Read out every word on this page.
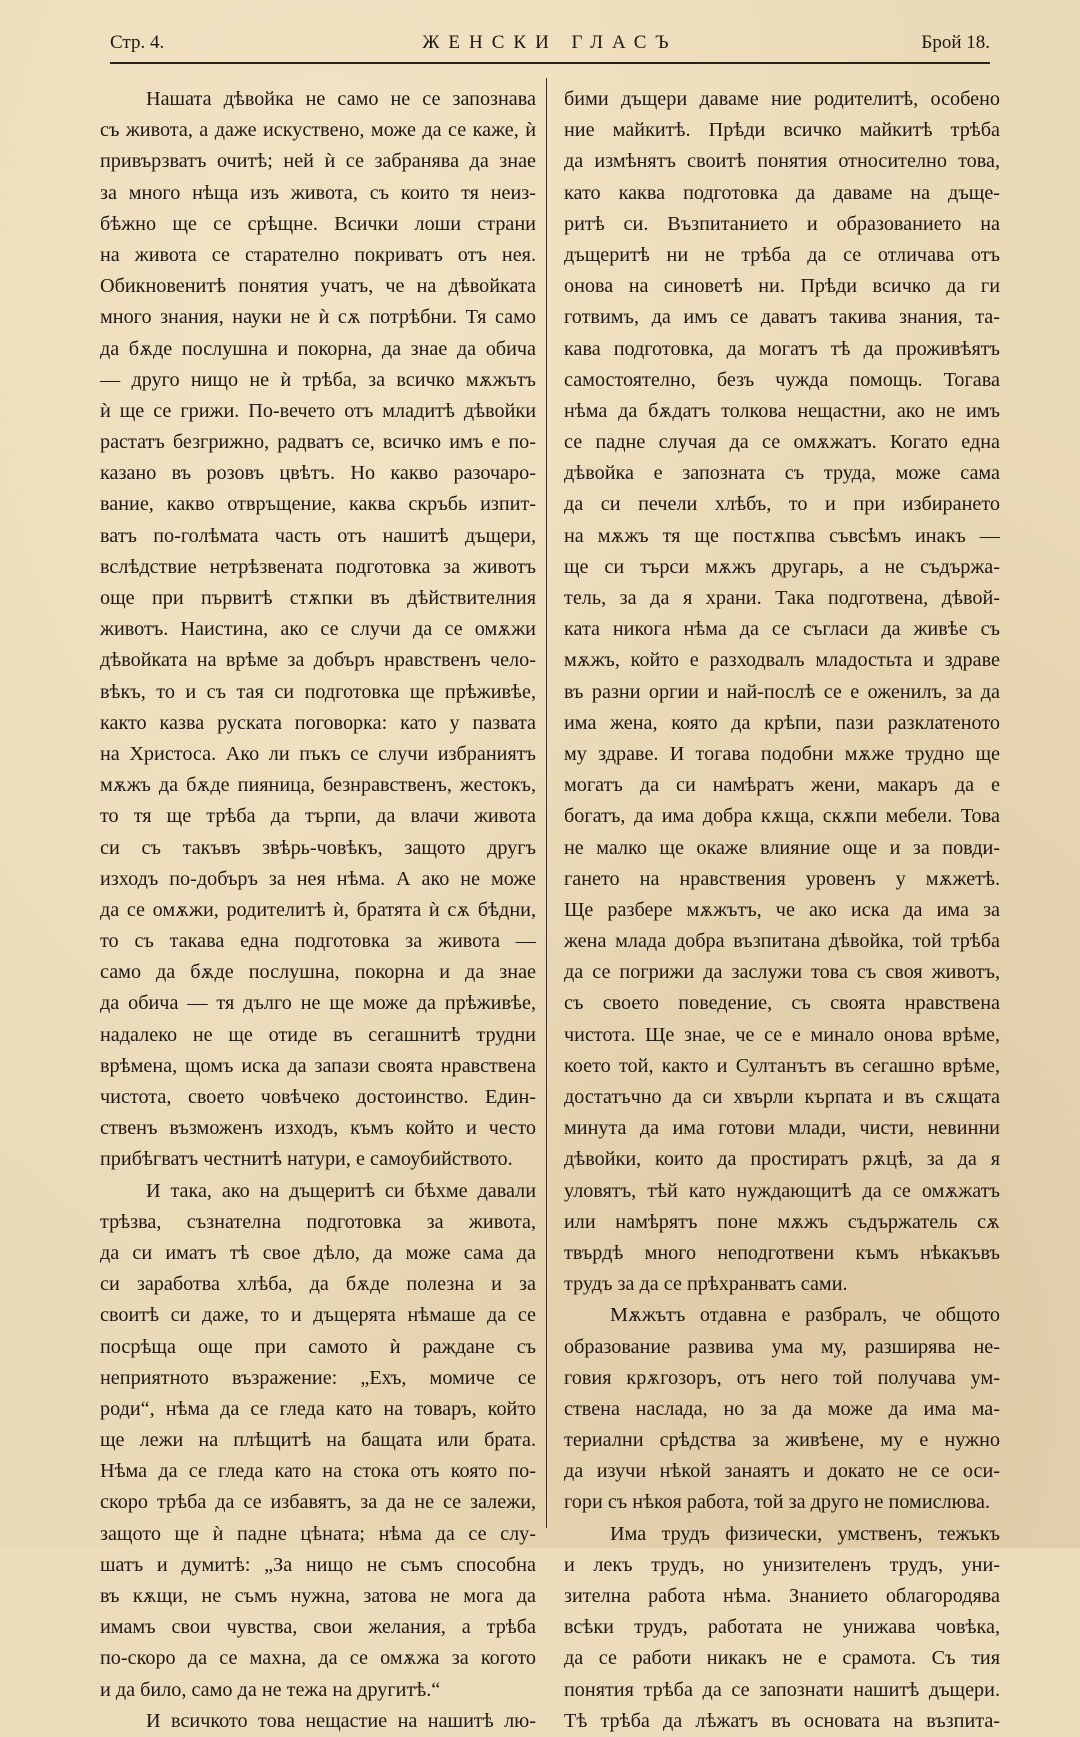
Стр. 4.	ЖЕНСКИ ГЛАСЪ	Брой 18.
Нашата дѣвойка не само не се запознава
съ живота, а даже искуствено, може да се каже, ѝ
привързватъ очитѣ; ней ѝ се забранява да знае
за много нѣща изъ живота, съ които тя неиз-
бѣжно ще се срѣщне. Всички лоши страни
на живота се старателно покриватъ отъ нея.
Обикновенитѣ понятия учатъ, че на дѣвойката
много знания, науки не ѝ сѫ потрѣбни. Тя само
да бѫде послушна и покорна, да знае да обича
— друго нищо не ѝ трѣба, за всичко мѫжътъ
ѝ ще се грижи. По-вечето отъ младитѣ дѣвойки
растатъ безгрижно, радватъ се, всичко имъ е по-
казано въ розовъ цвѣтъ. Но какво разочаро-
вание, какво отвръщение, каква скръбь изпит-
ватъ по-голѣмата часть отъ нашитѣ дъщери,
вслѣдствие нетрѣзвената подготовка за животъ
още при първитѣ стѫпки въ дѣйствителния
животъ. Наистина, ако се случи да се омѫжи
дѣвойката на врѣме за добъръ нравственъ чело-
вѣкъ, то и съ тая си подготовка ще прѣживѣе,
както казва руската поговорка: като у пазвата
на Христоса. Ако ли пъкъ се случи избраниятъ
мѫжъ да бѫде пияница, безнравственъ, жестокъ,
то тя ще трѣба да търпи, да влачи живота
си съ такъвъ звѣрь-човѣкъ, защото другъ
изходъ по-добъръ за нея нѣма. А ако не може
да се омѫжи, родителитѣ ѝ, братята ѝ сѫ бѣдни,
то съ такава една подготовка за живота —
само да бѫде послушна, покорна и да знае
да обича — тя дълго не ще може да прѣживѣе,
надалеко не ще отиде въ сегашнитѣ трудни
врѣмена, щомъ иска да запази своята нравствена
чистота, своето човѣчеко достоинство. Един-
ственъ възможенъ изходъ, къмъ който и често
прибѣгватъ честнитѣ натури, е самоубийството.
И така, ако на дъщеритѣ си бѣхме давали
трѣзва, съзнателна подготовка за живота,
да си иматъ тѣ свое дѣло, да може сама да
си заработва хлѣба, да бѫде полезна и за
своитѣ си даже, то и дъщерята нѣмаше да се
посрѣща още при самото ѝ раждане съ
неприятното възражение: „Ехъ, момиче се
роди“, нѣма да се гледа като на товаръ, който
ще лежи на плѣщитѣ на бащата или брата.
Нѣма да се гледа като на стока отъ която по-
скоро трѣба да се избавятъ, за да не се залежи,
защото ще ѝ падне цѣната; нѣма да се слу-
шатъ и думитѣ: „За нищо не съмъ способна
въ кѫщи, не съмъ нужна, затова не мога да
имамъ свои чувства, свои желания, а трѣба
по-скоро да се махна, да се омѫжа за когото
и да било, само да не тежа на другитѣ.“
И всичкото това нещастие на нашитѣ лю-
бими дъщери даваме ние родителитѣ, особено
ние майкитѣ. Прѣди всичко майкитѣ трѣба
да измѣнятъ своитѣ понятия относително това,
като каква подготовка да даваме на дъще-
ритѣ си. Възпитанието и образованието на
дъщеритѣ ни не трѣба да се отличава отъ
онова на синоветѣ ни. Прѣди всичко да ги
готвимъ, да имъ се даватъ такива знания, та-
кава подготовка, да могатъ тѣ да проживѣятъ
самостоятелно, безъ чужда помощь. Тогава
нѣма да бѫдатъ толкова нещастни, ако не имъ
се падне случая да се омѫжатъ. Когато една
дѣвойка е запозната съ труда, може сама
да си печели хлѣбъ, то и при избирането
на мѫжъ тя ще постѫпва съвсѣмъ инакъ —
ще си търси мѫжъ другарь, а не съдържа-
тель, за да я храни. Така подготвена, дѣвой-
ката никога нѣма да се съгласи да живѣе съ
мѫжъ, който е разходвалъ младостьта и здраве
въ разни оргии и най-послѣ се е оженилъ, за да
има жена, която да крѣпи, пази разклатеното
му здраве. И тогава подобни мѫже трудно ще
могатъ да си намѣратъ жени, макаръ да е
богатъ, да има добра кѫща, скѫпи мебели. Това
не малко ще окаже влияние още и за повди-
гането на нравствения уровенъ у мѫжетѣ.
Ще разбере мѫжътъ, че ако иска да има за
жена млада добра възпитана дѣвойка, той трѣба
да се погрижи да заслужи това съ своя животъ,
съ своето поведение, съ своята нравствена
чистота. Ще знае, че се е минало онова врѣме,
което той, както и Султанътъ въ сегашно врѣме,
достатъчно да си хвърли кърпата и въ сѫщата
минута да има готови млади, чисти, невинни
дѣвойки, които да простиратъ рѫцѣ, за да я
уловятъ, тѣй като нуждающитѣ да се омѫжатъ
или намѣрятъ поне мѫжъ съдържатель сѫ
твърдѣ много неподготвени къмъ нѣкакъвъ
трудъ за да се прѣхранватъ сами.
Мѫжътъ отдавна е разбралъ, че общото
образование развива ума му, разширява не-
говия крѫгозоръ, отъ него той получава ум-
ствена наслада, но за да може да има ма-
териални срѣдства за живѣене, му е нужно
да изучи нѣкой занаятъ и докато не се оси-
гори съ нѣкоя работа, той за друго не помислюва.
Има трудъ физически, умственъ, тежъкъ
и лекъ трудъ, но унизителенъ трудъ, уни-
зителна работа нѣма. Знанието облагородява
всѣки трудъ, работата не унижава човѣка,
да се работи никакъ не е срамота. Съ тия
понятия трѣба да се запознати нашитѣ дъщери.
Тѣ трѣба да лѣжатъ въ основата на възпита-
